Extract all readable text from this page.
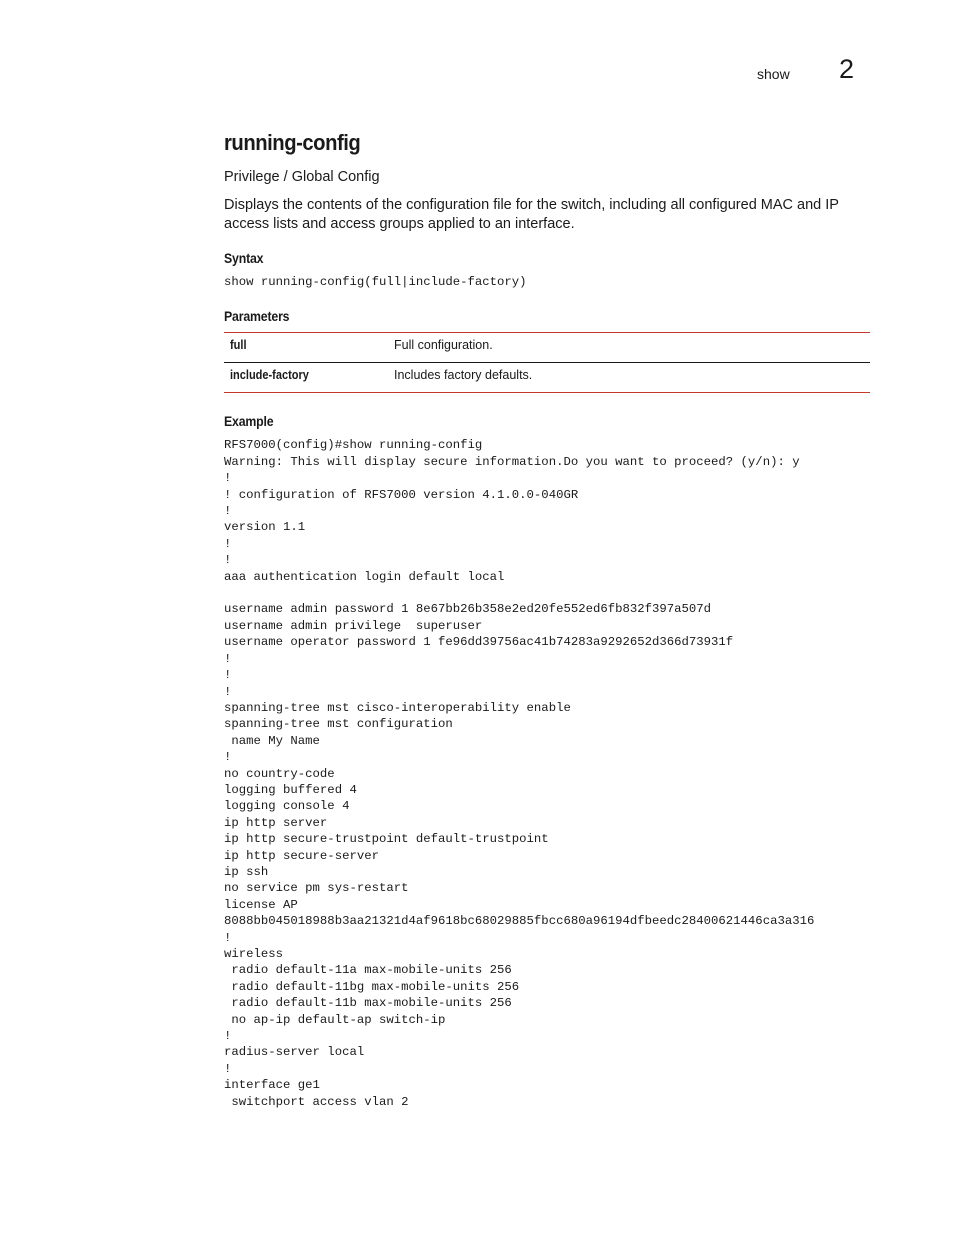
show 2
running-config

Privilege / Global Config

Displays the contents of the configuration file for the switch, including all configured MAC and IP access lists and access groups applied to an interface.

Syntax
show running-config(full|include-factory)
Parameters
full	Full configuration.
include-factory	Includes factory defaults.
Example
RFS7000(config)#show running-config
Warning: This will display secure information.Do you want to proceed? (y/n): y
!
! configuration of RFS7000 version 4.1.0.0-040GR
!
version 1.1
!
!
aaa authentication login default local

username admin password 1 8e67bb26b358e2ed20fe552ed6fb832f397a507d
username admin privilege  superuser
username operator password 1 fe96dd39756ac41b74283a9292652d366d73931f
!
!
!
spanning-tree mst cisco-interoperability enable
spanning-tree mst configuration
name My Name
!
no country-code
logging buffered 4
logging console 4
ip http server
ip http secure-trustpoint default-trustpoint
ip http secure-server
ip ssh
no service pm sys-restart
license AP
8088bb045018988b3aa21321d4af9618bc68029885fbcc680a96194dfbeedc28400621446ca3a316
!
wireless
radio default-11a max-mobile-units 256
radio default-11bg max-mobile-units 256
radio default-11b max-mobile-units 256
no ap-ip default-ap switch-ip
!
radius-server local
!
interface ge1
switchport access vlan 2
